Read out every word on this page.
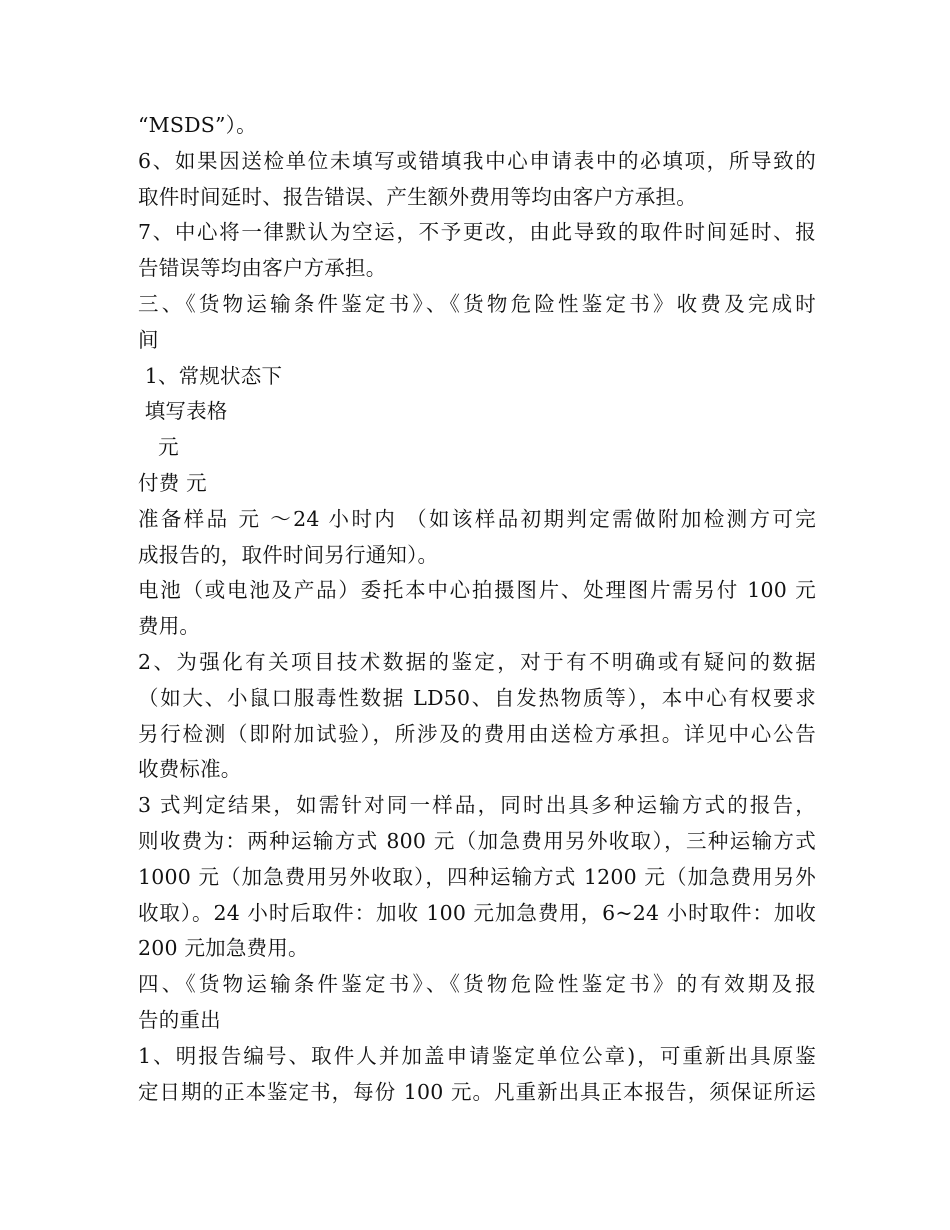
“MSDS”）。
6、如果因送检单位未填写或错填我中心申请表中的必填项，所导致的
取件时间延时、报告错误、产生额外费用等均由客户方承担。
7、中心将一律默认为空运，不予更改，由此导致的取件时间延时、报
告错误等均由客户方承担。
三、《货物运输条件鉴定书》、《货物危险性鉴定书》收费及完成时
间
1、常规状态下
填写表格
元
付费 元
准备样品 元 ～24 小时内 （如该样品初期判定需做附加检测方可完
成报告的，取件时间另行通知）。
电池（或电池及产品）委托本中心拍摄图片、处理图片需另付 100 元
费用。
2、为强化有关项目技术数据的鉴定，对于有不明确或有疑问的数据
（如大、小鼠口服毒性数据 LD50、自发热物质等），本中心有权要求
另行检测（即附加试验），所涉及的费用由送检方承担。详见中心公告
收费标准。
3 式判定结果，如需针对同一样品，同时出具多种运输方式的报告，
则收费为：两种运输方式 800 元（加急费用另外收取），三种运输方式
1000 元（加急费用另外收取），四种运输方式 1200 元（加急费用另外
收取）。24 小时后取件：加收 100 元加急费用，6~24 小时取件：加收
200 元加急费用。
四、《货物运输条件鉴定书》、《货物危险性鉴定书》的有效期及报
告的重出
1、明报告编号、取件人并加盖申请鉴定单位公章)，可重新出具原鉴
定日期的正本鉴定书，每份 100 元。凡重新出具正本报告，须保证所运
